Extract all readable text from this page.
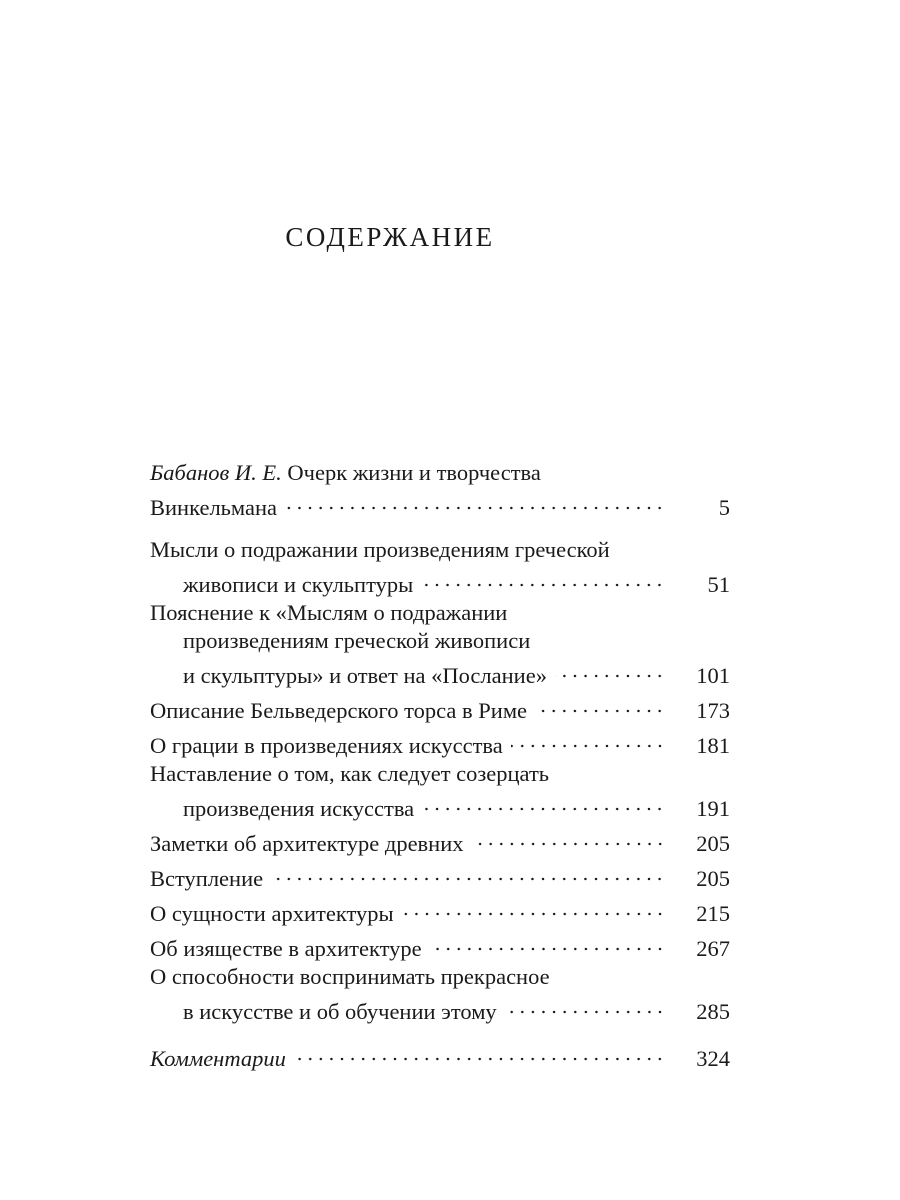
СОДЕРЖАНИЕ
Бабанов И. Е. Очерк жизни и творчества
Винкельмана	5
Мысли о подражании произведениям греческой
живописи и скульптуры	51
Пояснение к «Мыслям о подражании
произведениям греческой живописи
и скульптуры» и ответ на «Послание»	101
Описание Бельведерского торса в Риме	173
О грации в произведениях искусства	181
Наставление о том, как следует созерцать
произведения искусства	191
Заметки об архитектуре древних	205
Вступление	205
О сущности архитектуры	215
Об изяществе в архитектуре	267
О способности воспринимать прекрасное
в искусстве и об обучении этому	285
Комментарии	324
